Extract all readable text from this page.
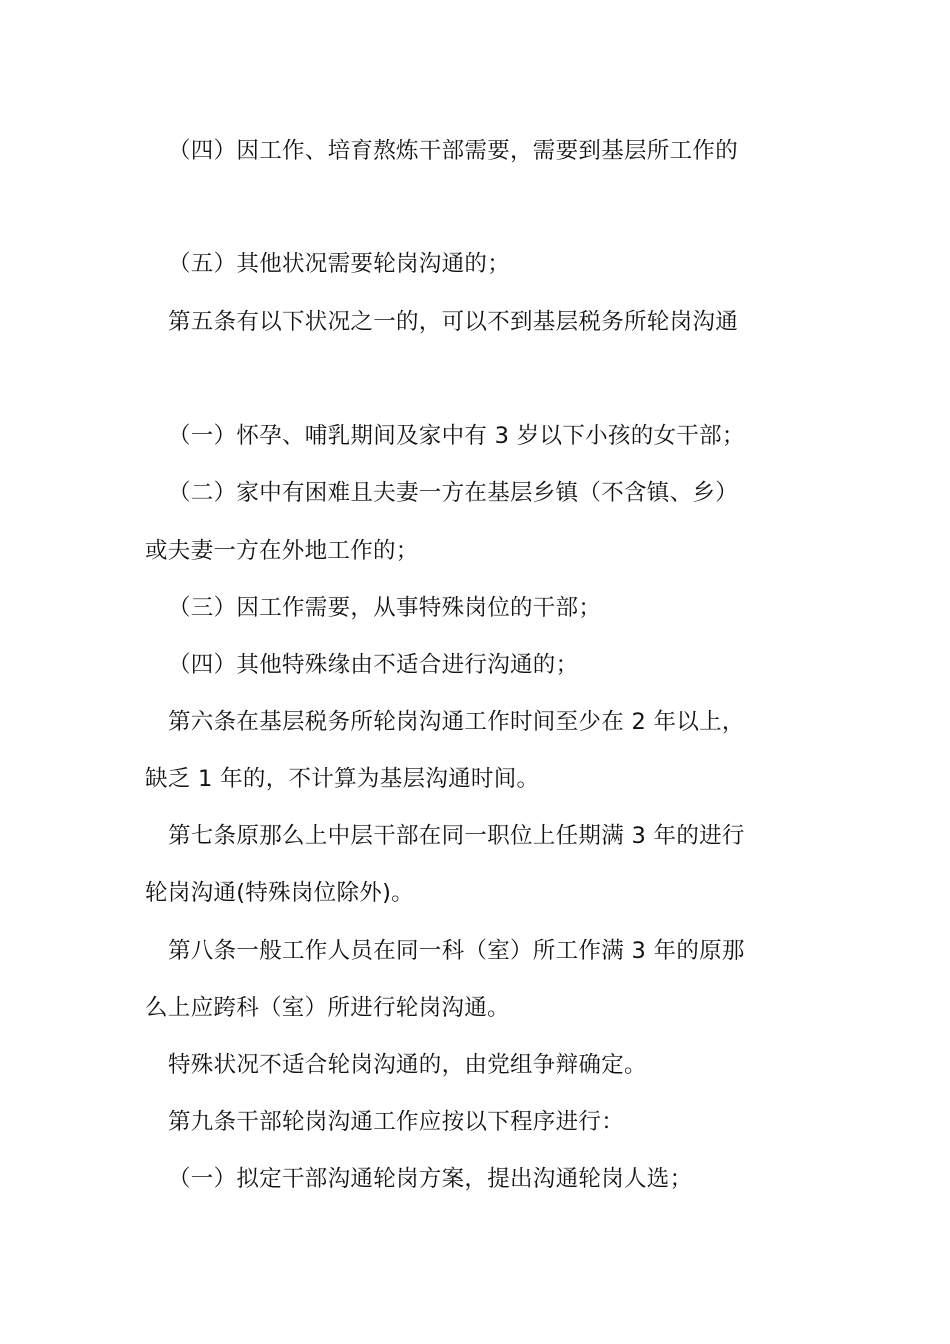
（四）因工作、培育熬炼干部需要，需要到基层所工作的
（五）其他状况需要轮岗沟通的；
第五条有以下状况之一的，可以不到基层税务所轮岗沟通
（一）怀孕、哺乳期间及家中有 3 岁以下小孩的女干部；
（二）家中有困难且夫妻一方在基层乡镇（不含镇、乡）
或夫妻一方在外地工作的；
（三）因工作需要，从事特殊岗位的干部；
（四）其他特殊缘由不适合进行沟通的；
第六条在基层税务所轮岗沟通工作时间至少在 2 年以上，
缺乏 1 年的，不计算为基层沟通时间。
第七条原那么上中层干部在同一职位上任期满 3 年的进行
轮岗沟通(特殊岗位除外)。
第八条一般工作人员在同一科（室）所工作满 3 年的原那
么上应跨科（室）所进行轮岗沟通。
特殊状况不适合轮岗沟通的，由党组争辩确定。
第九条干部轮岗沟通工作应按以下程序进行：
（一）拟定干部沟通轮岗方案，提出沟通轮岗人选；
